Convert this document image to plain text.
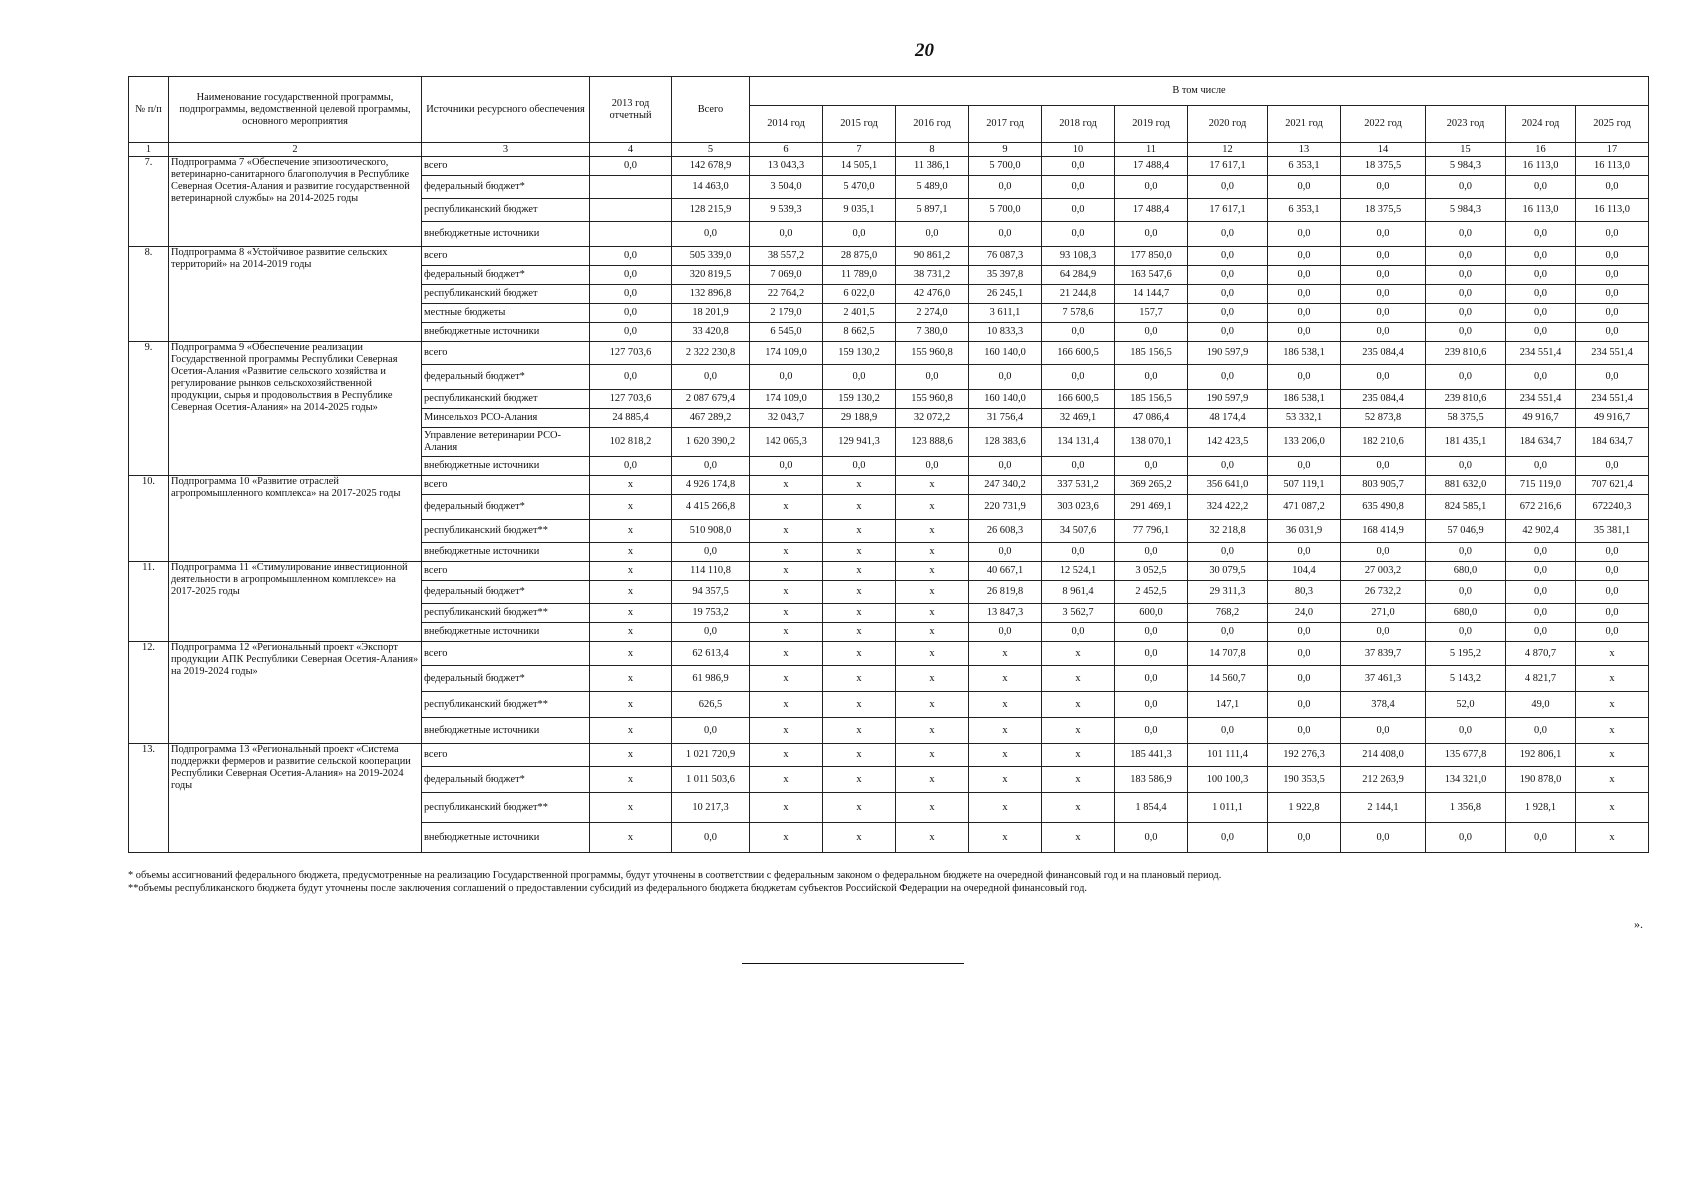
20
№ п/п	Наименование государственной программы, подпрограммы, ведомственной целевой программы, основного мероприятия	Источники ресурсного обеспечения	2013 год отчетный	Всего	В том числе											
					2014 год	2015 год	2016 год	2017 год	2018 год	2019 год	2020 год	2021 год	2022 год	2023 год	2024 год	2025 год
1	2	3	4	5	6	7	8	9	10	11	12	13	14	15	16	17
7.	Подпрограмма 7 «Обеспечение эпизоотического, ветеринарно-санитарного благополучия в Республике Северная Осетия-Алания и развитие государственной ветеринарной службы» на 2014-2025 годы	всего	0,0	142 678,9	13 043,3	14 505,1	11 386,1	5 700,0	0,0	17 488,4	17 617,1	6 353,1	18 375,5	5 984,3	16 113,0	16 113,0
		федеральный бюджет*		14 463,0	3 504,0	5 470,0	5 489,0	0,0	0,0	0,0	0,0	0,0	0,0	0,0	0,0	0,0
		республиканский бюджет		128 215,9	9 539,3	9 035,1	5 897,1	5 700,0	0,0	17 488,4	17 617,1	6 353,1	18 375,5	5 984,3	16 113,0	16 113,0
		внебюджетные источники		0,0	0,0	0,0	0,0	0,0	0,0	0,0	0,0	0,0	0,0	0,0	0,0	0,0
8.	Подпрограмма 8 «Устойчивое развитие сельских территорий» на 2014-2019 годы	всего	0,0	505 339,0	38 557,2	28 875,0	90 861,2	76 087,3	93 108,3	177 850,0	0,0	0,0	0,0	0,0	0,0	0,0
		федеральный бюджет*	0,0	320 819,5	7 069,0	11 789,0	38 731,2	35 397,8	64 284,9	163 547,6	0,0	0,0	0,0	0,0	0,0	0,0
		республиканский бюджет	0,0	132 896,8	22 764,2	6 022,0	42 476,0	26 245,1	21 244,8	14 144,7	0,0	0,0	0,0	0,0	0,0	0,0
		местные бюджеты	0,0	18 201,9	2 179,0	2 401,5	2 274,0	3 611,1	7 578,6	157,7	0,0	0,0	0,0	0,0	0,0	0,0
		внебюджетные источники	0,0	33 420,8	6 545,0	8 662,5	7 380,0	10 833,3	0,0	0,0	0,0	0,0	0,0	0,0	0,0	0,0
9.	Подпрограмма 9 «Обеспечение реализации Государственной программы Республики Северная Осетия-Алания «Развитие сельского хозяйства и регулирование рынков сельскохозяйственной продукции, сырья и продовольствия в Республике Северная Осетия-Алания» на 2014-2025 годы»	всего	127 703,6	2 322 230,8	174 109,0	159 130,2	155 960,8	160 140,0	166 600,5	185 156,5	190 597,9	186 538,1	235 084,4	239 810,6	234 551,4	234 551,4
		федеральный бюджет*	0,0	0,0	0,0	0,0	0,0	0,0	0,0	0,0	0,0	0,0	0,0	0,0	0,0	0,0
		республиканский бюджет	127 703,6	2 087 679,4	174 109,0	159 130,2	155 960,8	160 140,0	166 600,5	185 156,5	190 597,9	186 538,1	235 084,4	239 810,6	234 551,4	234 551,4
		Минсельхоз РСО-Алания	24 885,4	467 289,2	32 043,7	29 188,9	32 072,2	31 756,4	32 469,1	47 086,4	48 174,4	53 332,1	52 873,8	58 375,5	49 916,7	49 916,7
		Управление ветеринарии РСО-Алания	102 818,2	1 620 390,2	142 065,3	129 941,3	123 888,6	128 383,6	134 131,4	138 070,1	142 423,5	133 206,0	182 210,6	181 435,1	184 634,7	184 634,7
		внебюджетные источники	0,0	0,0	0,0	0,0	0,0	0,0	0,0	0,0	0,0	0,0	0,0	0,0	0,0	0,0
10.	Подпрограмма 10 «Развитие отраслей агропромышленного комплекса» на 2017-2025 годы	всего	x	4 926 174,8	x	x	x	247 340,2	337 531,2	369 265,2	356 641,0	507 119,1	803 905,7	881 632,0	715 119,0	707 621,4
		федеральный бюджет*	x	4 415 266,8	x	x	x	220 731,9	303 023,6	291 469,1	324 422,2	471 087,2	635 490,8	824 585,1	672 216,6	672240,3
		республиканский бюджет**	x	510 908,0	x	x	x	26 608,3	34 507,6	77 796,1	32 218,8	36 031,9	168 414,9	57 046,9	42 902,4	35 381,1
		внебюджетные источники	x	0,0	x	x	x	0,0	0,0	0,0	0,0	0,0	0,0	0,0	0,0	0,0
11.	Подпрограмма 11 «Стимулирование инвестиционной деятельности в агропромышленном комплексе» на 2017-2025 годы	всего	x	114 110,8	x	x	x	40 667,1	12 524,1	3 052,5	30 079,5	104,4	27 003,2	680,0	0,0	0,0
		федеральный бюджет*	x	94 357,5	x	x	x	26 819,8	8 961,4	2 452,5	29 311,3	80,3	26 732,2	0,0	0,0	0,0
		республиканский бюджет**	x	19 753,2	x	x	x	13 847,3	3 562,7	600,0	768,2	24,0	271,0	680,0	0,0	0,0
		внебюджетные источники	x	0,0	x	x	x	0,0	0,0	0,0	0,0	0,0	0,0	0,0	0,0	0,0
12.	Подпрограмма 12 «Региональный проект «Экспорт продукции АПК Республики Северная Осетия-Алания» на 2019-2024 годы»	всего	x	62 613,4	x	x	x	x	x	0,0	14 707,8	0,0	37 839,7	5 195,2	4 870,7	x
		федеральный бюджет*	x	61 986,9	x	x	x	x	x	0,0	14 560,7	0,0	37 461,3	5 143,2	4 821,7	x
		республиканский бюджет**	x	626,5	x	x	x	x	x	0,0	147,1	0,0	378,4	52,0	49,0	x
		внебюджетные источники	x	0,0	x	x	x	x	x	0,0	0,0	0,0	0,0	0,0	0,0	x
13.	Подпрограмма 13 «Региональный проект «Система поддержки фермеров и развитие сельской кооперации Республики Северная Осетия-Алания» на 2019-2024 годы	всего	x	1 021 720,9	x	x	x	x	x	185 441,3	101 111,4	192 276,3	214 408,0	135 677,8	192 806,1	x
		федеральный бюджет*	x	1 011 503,6	x	x	x	x	x	183 586,9	100 100,3	190 353,5	212 263,9	134 321,0	190 878,0	x
		республиканский бюджет**	x	10 217,3	x	x	x	x	x	1 854,4	1 011,1	1 922,8	2 144,1	1 356,8	1 928,1	x
		внебюджетные источники	x	0,0	x	x	x	x	x	0,0	0,0	0,0	0,0	0,0	0,0	x
* объемы ассигнований федерального бюджета, предусмотренные на реализацию Государственной программы, будут уточнены в соответствии с федеральным законом о федеральном бюджете на очередной финансовый год и на плановый период.
**объемы республиканского бюджета будут уточнены после заключения соглашений о предоставлении субсидий из федерального бюджета бюджетам субъектов Российской Федерации на очередной финансовый год.
».
